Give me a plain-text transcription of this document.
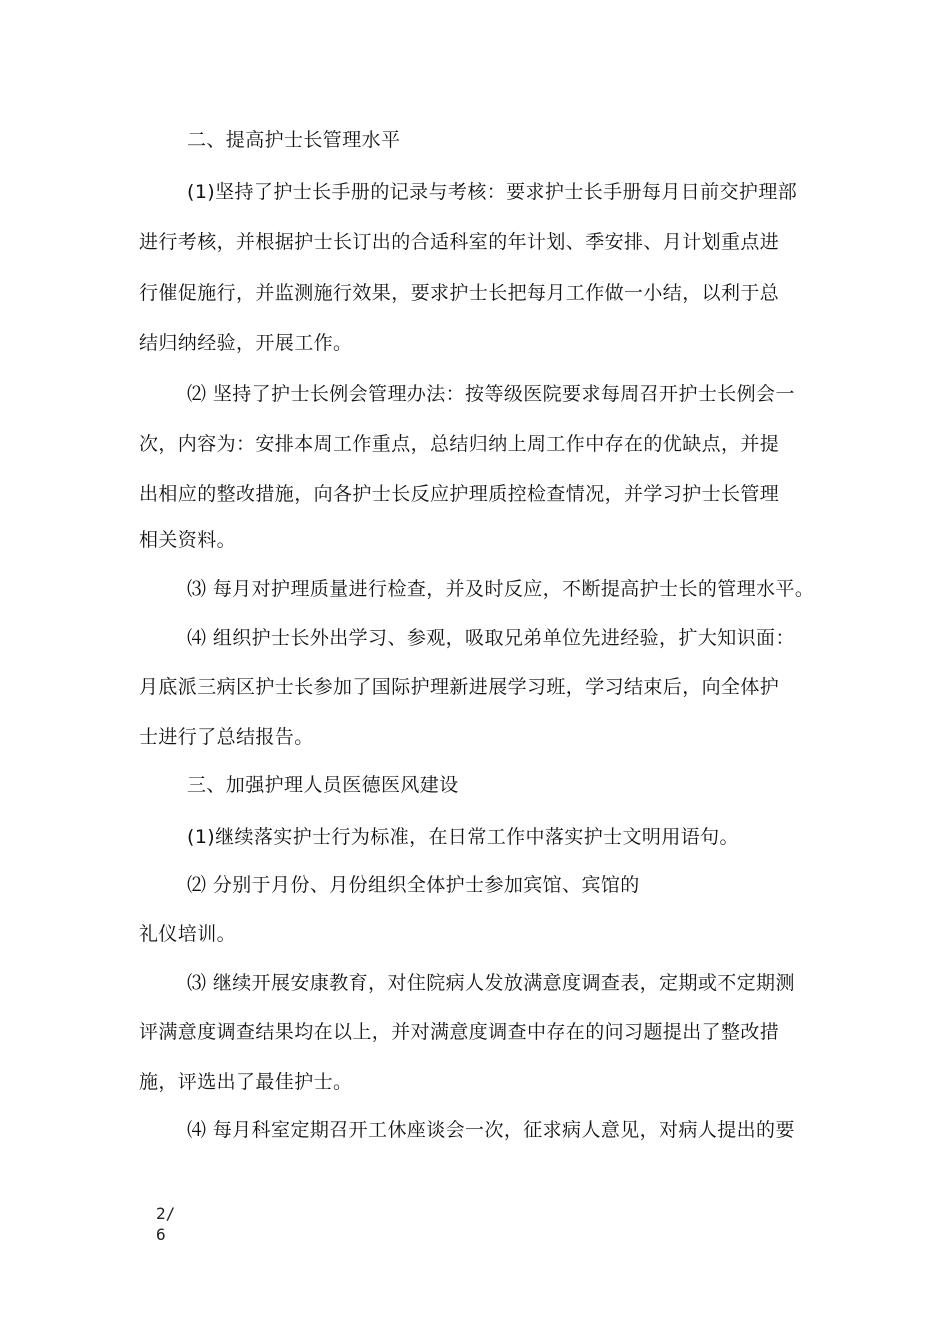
二、提高护士长管理水平
(1)坚持了护士长手册的记录与考核：要求护士长手册每月日前交护理部
进行考核，并根据护士长订出的合适科室的年计划、季安排、月计划重点进
行催促施行，并监测施行效果，要求护士长把每月工作做一小结，以利于总
结归纳经验，开展工作。
⑵ 坚持了护士长例会管理办法：按等级医院要求每周召开护士长例会一
次，内容为：安排本周工作重点，总结归纳上周工作中存在的优缺点，并提
出相应的整改措施，向各护士长反应护理质控检查情况，并学习护士长管理
相关资料。
⑶ 每月对护理质量进行检查，并及时反应，不断提高护士长的管理水平。
⑷ 组织护士长外出学习、参观，吸取兄弟单位先进经验，扩大知识面：
月底派三病区护士长参加了国际护理新进展学习班，学习结束后，向全体护
士进行了总结报告。
三、加强护理人员医德医风建设
(1)继续落实护士行为标准，在日常工作中落实护士文明用语句。
⑵ 分别于月份、月份组织全体护士参加宾馆、宾馆的
礼仪培训。
⑶ 继续开展安康教育，对住院病人发放满意度调查表，定期或不定期测
评满意度调查结果均在以上，并对满意度调查中存在的问习题提出了整改措
施，评选出了最佳护士。
⑷ 每月科室定期召开工休座谈会一次，征求病人意见，对病人提出的要
2/
6
